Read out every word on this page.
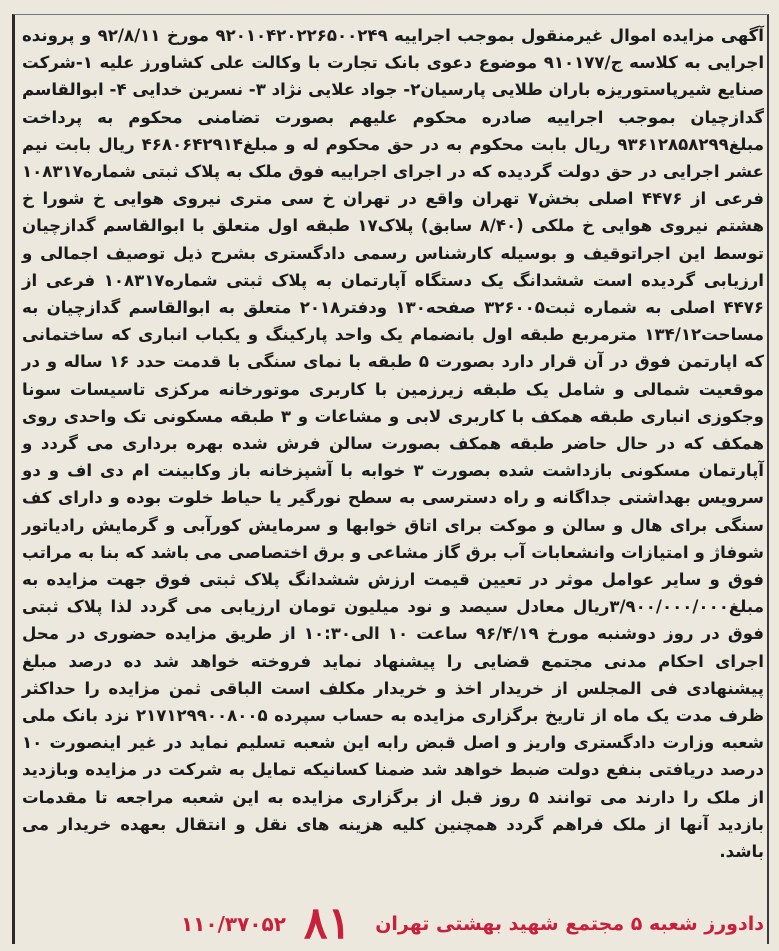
آگهی مزایده اموال غیرمنقول بموجب اجراییه ۹۲۰۱۰۴۲۰۲۲۶۵۰۰۲۴۹ مورخ ۹۲/۸/۱۱ و پرونده اجرایی به کلاسه ج/۹۱۰۱۷۷ موضوع دعوی بانک تجارت با وکالت علی کشاورز علیه ۱-شرکت صنایع شیرپاستوریزه باران طلایی پارسیان۲- جواد علایی نژاد ۳- نسرین خدایی ۴- ابوالقاسم گدازچیان بموجب اجراییه صادره محکوم علیهم بصورت تضامنی محکوم به پرداخت مبلغ۹۳۶۱۲۸۵۸۲۹۹ ریال بابت محکوم به در حق محکوم له و مبلغ۴۶۸۰۶۴۲۹۱۴ ریال بابت نیم عشر اجرایی در حق دولت گردیده که در اجرای اجراییه فوق ملک به پلاک ثبتی شماره۱۰۸۳۱۷ فرعی از ۴۴۷۶ اصلی بخش۷ تهران واقع در تهران خ سی متری نیروی هوایی خ شورا خ هشتم نیروی هوایی خ ملکی (۸/۴۰ سابق) پلاک۱۷ طبقه اول متعلق با ابوالقاسم گدازچیان توسط این اجراتوقیف و بوسیله کارشناس رسمی دادگستری بشرح ذیل توصیف اجمالی و ارزیابی گردیده است ششدانگ یک دستگاه آپارتمان به پلاک ثبتی شماره۱۰۸۳۱۷ فرعی از ۴۴۷۶ اصلی به شماره ثبت۳۲۶۰۰۵ صفحه۱۳۰ ودفتر۲۰۱۸ متعلق به ابوالقاسم گدازچیان به مساحت۱۳۴/۱۲ مترمربع طبقه اول بانضمام یک واحد پارکینگ و یکباب انباری که ساختمانی که اپارتمن فوق در آن قرار دارد بصورت ۵ طبقه با نمای سنگی با قدمت حدد ۱۶ ساله و در موقعیت شمالی و شامل یک طبقه زیرزمین با کاربری موتورخانه مرکزی تاسیسات سونا وجکوزی انباری طبقه همکف با کاربری لابی و مشاعات و ۳ طبقه مسکونی تک واحدی روی همکف که در حال حاضر طبقه همکف بصورت سالن فرش شده بهره برداری می گردد و آپارتمان مسکونی بازداشت شده بصورت ۳ خوابه با آشپزخانه باز وکابینت ام دی اف و دو سرویس بهداشتی جداگانه و راه دسترسی به سطح نورگیر یا حیاط خلوت بوده و دارای کف سنگی برای هال و سالن و موکت برای اتاق خوابها و سرمایش کورآبی و گرمایش رادیاتور شوفاژ و امتیازات وانشعابات آب برق گاز مشاعی و برق اختصاصی می باشد که بنا به مراتب فوق و سایر عوامل موثر در تعیین قیمت ارزش ششدانگ پلاک ثبتی فوق جهت مزایده به مبلغ۳/۹۰۰/۰۰۰/۰۰۰ریال معادل سیصد و نود میلیون تومان ارزیابی می گردد لذا پلاک ثبتی فوق در روز دوشنبه مورخ ۹۶/۴/۱۹ ساعت ۱۰ الی۱۰:۳۰ از طریق مزایده حضوری در محل اجرای احکام مدنی مجتمع قضایی را پیشنهاد نماید فروخته خواهد شد ده درصد مبلغ پیشنهادی فی المجلس از خریدار اخذ و خریدار مکلف است الباقی ثمن مزایده را حداکثر ظرف مدت یک ماه از تاریخ برگزاری مزایده به حساب سپرده ۲۱۷۱۲۹۹۰۰۸۰۰۵ نزد بانک ملی شعبه وزارت دادگستری واریز و اصل قبض رابه این شعبه تسلیم نماید در غیر اینصورت ۱۰ درصد دریافتی بنفع دولت ضبط خواهد شد ضمنا کسانیکه تمایل به شرکت در مزایده وبازدید از ملک را دارند می توانند ۵ روز قبل از برگزاری مزایده به این شعبه مراجعه تا مقدمات بازدید آنها از ملک فراهم گردد همچنین کلیه هزینه های نقل و انتقال بعهده خریدار می باشد.

دادورز شعبه ۵ مجتمع شهید بهشتی تهران
۸۱
۱۱۰/۳۷۰۵۲
